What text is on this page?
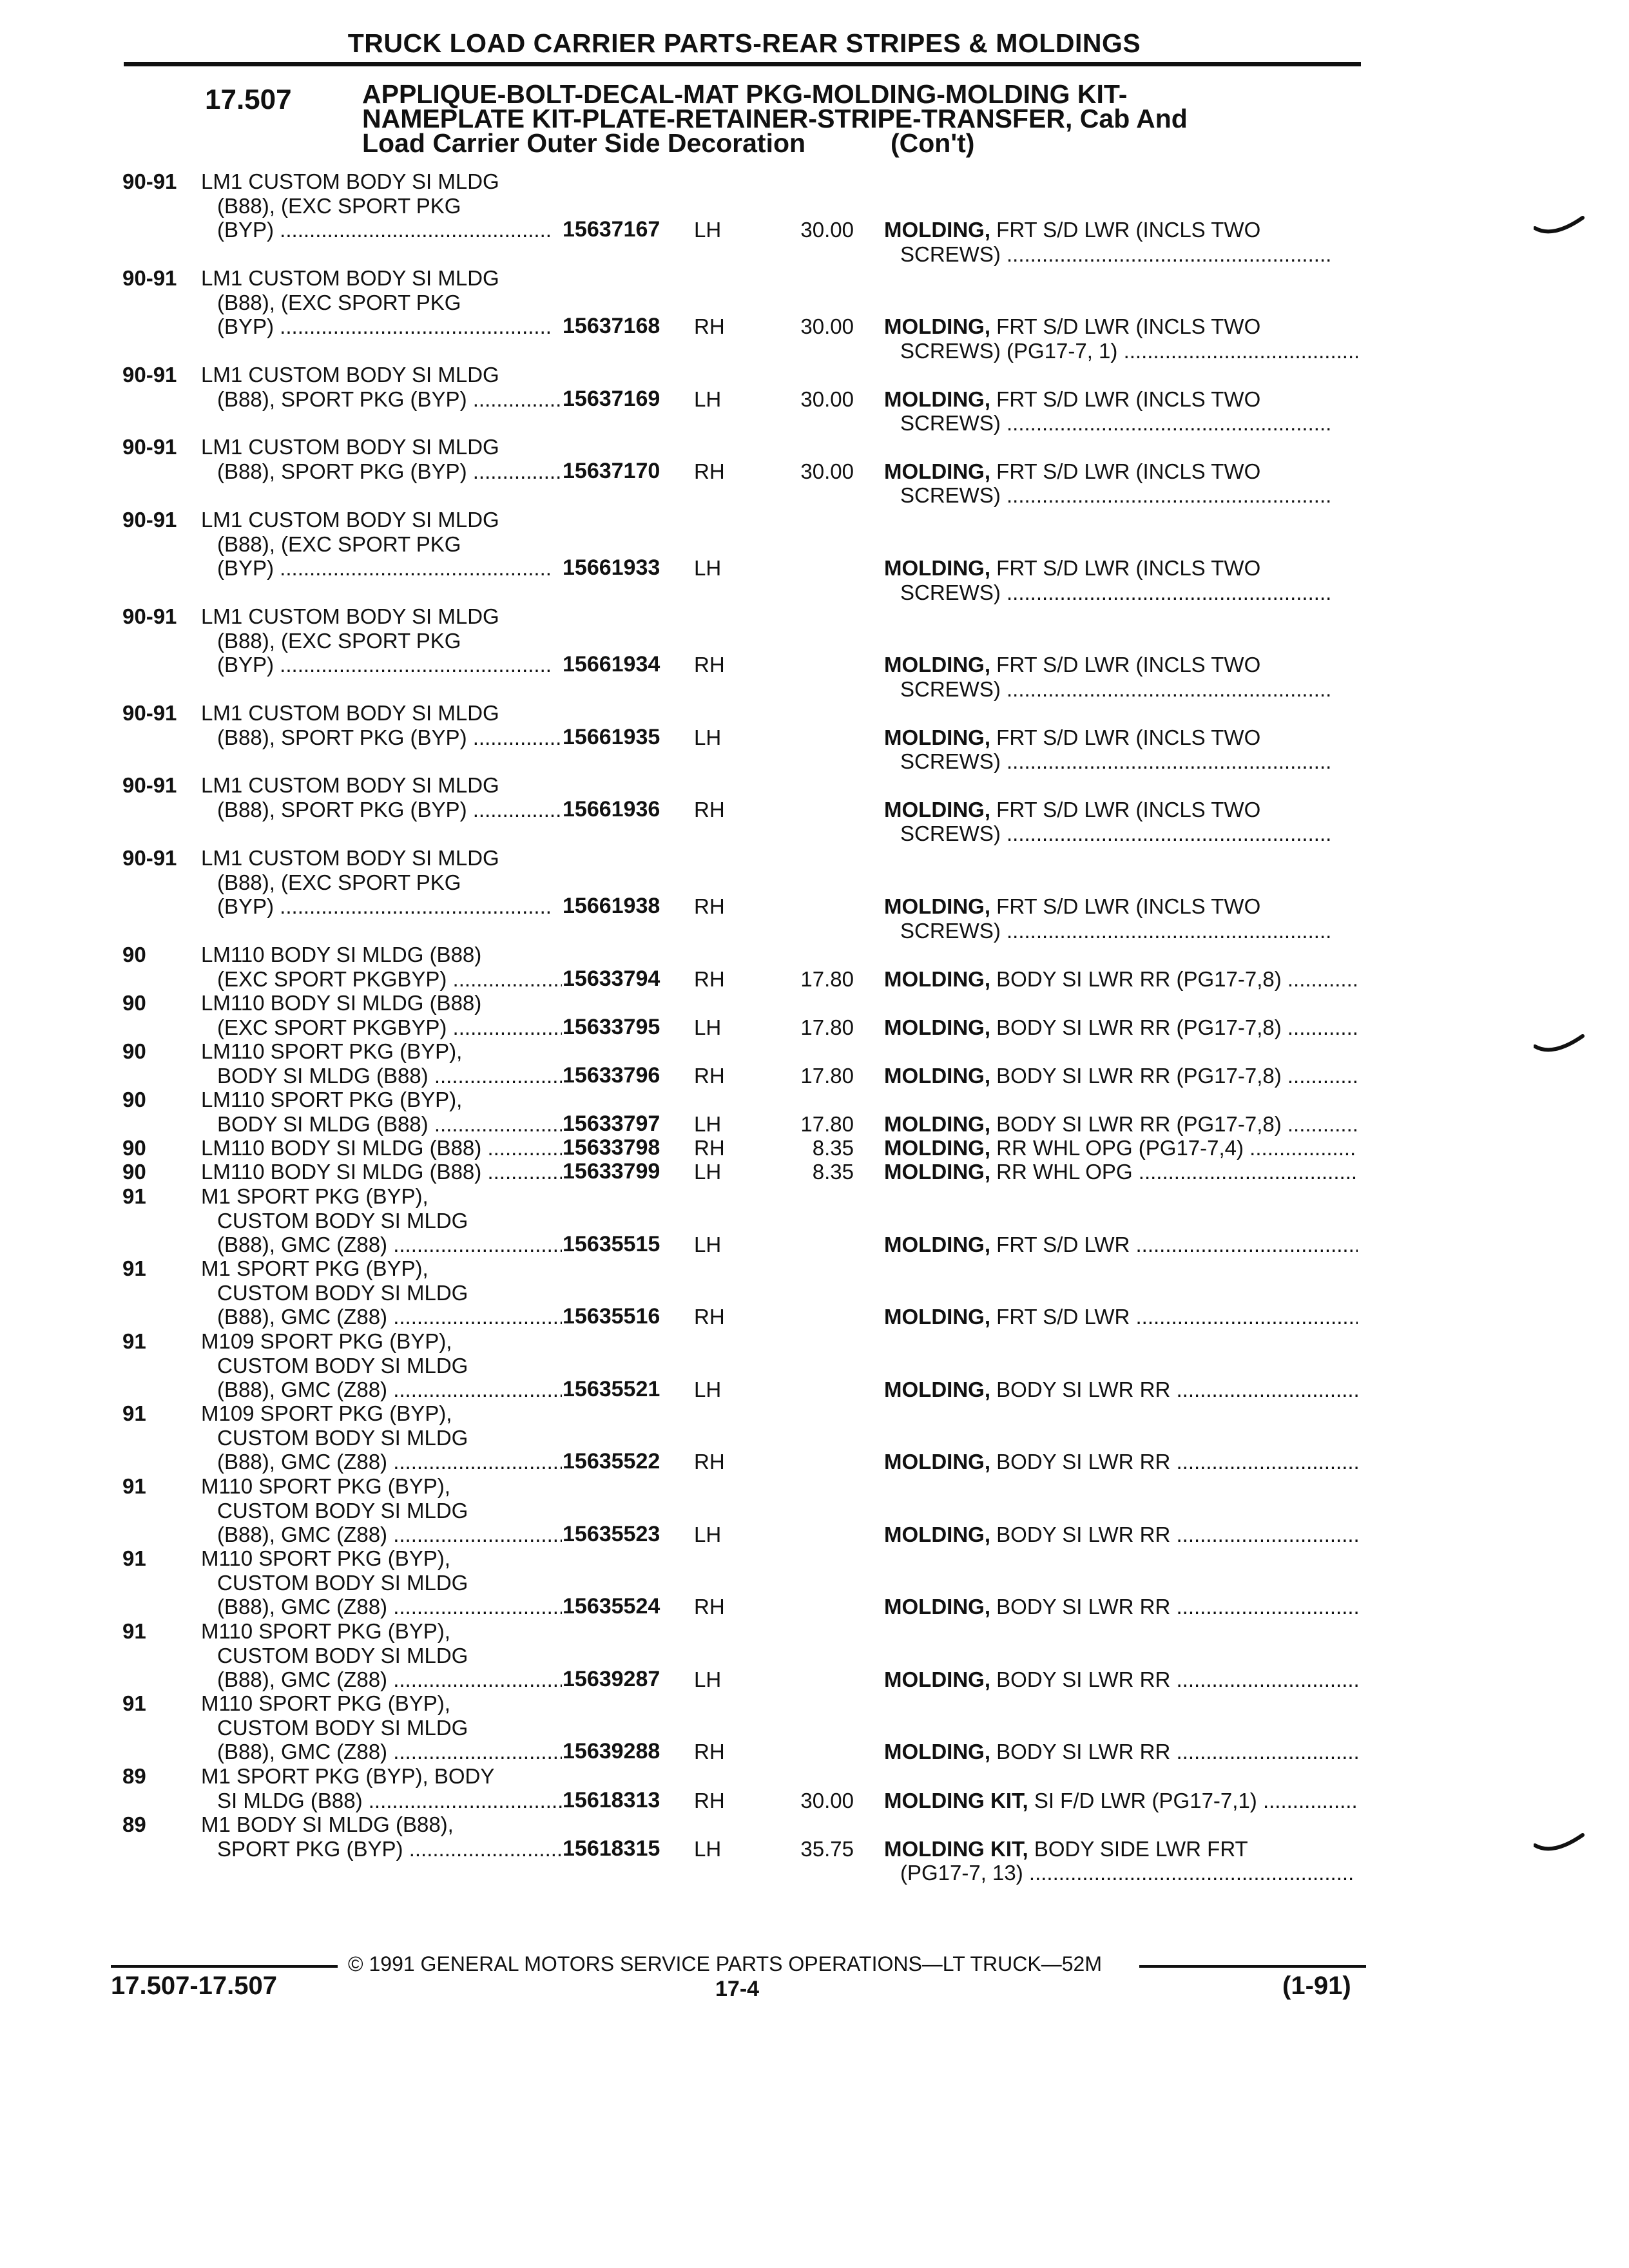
TRUCK LOAD CARRIER PARTS-REAR STRIPES & MOLDINGS
17.507	APPLIQUE-BOLT-DECAL-MAT PKG-MOLDING-MOLDING KIT-
NAMEPLATE KIT-PLATE-RETAINER-STRIPE-TRANSFER, Cab And
Load Carrier Outer Side Decoration	(Con't)
90-91 LM1 CUSTOM BODY SI MLDG
(B88), (EXC SPORT PKG
(BYP) .....	15637167 LH	30.00 MOLDING, FRT S/D LWR (INCLS TWO
SCREWS) .....
90-91 LM1 CUSTOM BODY SI MLDG
(B88), (EXC SPORT PKG
(BYP) .....	15637168 RH	30.00 MOLDING, FRT S/D LWR (INCLS TWO
SCREWS) (PG17-7, 1) .....
90-91 LM1 CUSTOM BODY SI MLDG
(B88), SPORT PKG (BYP) .....	15637169 LH	30.00 MOLDING, FRT S/D LWR (INCLS TWO
SCREWS) .....
90-91 LM1 CUSTOM BODY SI MLDG
(B88), SPORT PKG (BYP) .....	15637170 RH	30.00 MOLDING, FRT S/D LWR (INCLS TWO
SCREWS) .....
90-91 LM1 CUSTOM BODY SI MLDG
(B88), (EXC SPORT PKG
(BYP) .....	15661933 LH	MOLDING, FRT S/D LWR (INCLS TWO
SCREWS) .....
90-91 LM1 CUSTOM BODY SI MLDG
(B88), (EXC SPORT PKG
(BYP) .....	15661934 RH	MOLDING, FRT S/D LWR (INCLS TWO
SCREWS) .....
90-91 LM1 CUSTOM BODY SI MLDG
(B88), SPORT PKG (BYP) .....	15661935 LH	MOLDING, FRT S/D LWR (INCLS TWO
SCREWS) .....
90-91 LM1 CUSTOM BODY SI MLDG
(B88), SPORT PKG (BYP) .....	15661936 RH	MOLDING, FRT S/D LWR (INCLS TWO
SCREWS) .....
90-91 LM1 CUSTOM BODY SI MLDG
(B88), (EXC SPORT PKG
(BYP) .....	15661938 RH	MOLDING, FRT S/D LWR (INCLS TWO
SCREWS) .....
90	LM110 BODY SI MLDG (B88)
(EXC SPORT PKGBYP) .....	15633794 RH	17.80 MOLDING, BODY SI LWR RR (PG17-7,8) .....
90	LM110 BODY SI MLDG (B88)
(EXC SPORT PKGBYP) .....	15633795 LH	17.80 MOLDING, BODY SI LWR RR (PG17-7,8) .....
90	LM110 SPORT PKG (BYP),
BODY SI MLDG (B88) .....	15633796 RH	17.80 MOLDING, BODY SI LWR RR (PG17-7,8) .....
90	LM110 SPORT PKG (BYP),
BODY SI MLDG (B88) .....	15633797 LH	17.80 MOLDING, BODY SI LWR RR (PG17-7,8) .....
90	LM110 BODY SI MLDG (B88) .....	15633798 RH	8.35 MOLDING, RR WHL OPG (PG17-7,4) .....
90	LM110 BODY SI MLDG (B88) .....	15633799 LH	8.35 MOLDING, RR WHL OPG .....
91	M1 SPORT PKG (BYP),
CUSTOM BODY SI MLDG
(B88), GMC (Z88) .....	15635515 LH	MOLDING, FRT S/D LWR .....
91	M1 SPORT PKG (BYP),
CUSTOM BODY SI MLDG
(B88), GMC (Z88) .....	15635516 RH	MOLDING, FRT S/D LWR .....
91	M109 SPORT PKG (BYP),
CUSTOM BODY SI MLDG
(B88), GMC (Z88) .....	15635521 LH	MOLDING, BODY SI LWR RR .....
91	M109 SPORT PKG (BYP),
CUSTOM BODY SI MLDG
(B88), GMC (Z88) .....	15635522 RH	MOLDING, BODY SI LWR RR .....
91	M110 SPORT PKG (BYP),
CUSTOM BODY SI MLDG
(B88), GMC (Z88) .....	15635523 LH	MOLDING, BODY SI LWR RR .....
91	M110 SPORT PKG (BYP),
CUSTOM BODY SI MLDG
(B88), GMC (Z88) .....	15635524 RH	MOLDING, BODY SI LWR RR .....
91	M110 SPORT PKG (BYP),
CUSTOM BODY SI MLDG
(B88), GMC (Z88) .....	15639287 LH	MOLDING, BODY SI LWR RR .....
91	M110 SPORT PKG (BYP),
CUSTOM BODY SI MLDG
(B88), GMC (Z88) .....	15639288 RH	MOLDING, BODY SI LWR RR .....
89	M1 SPORT PKG (BYP), BODY
SI MLDG (B88) .....	15618313 RH	30.00 MOLDING KIT, SI F/D LWR (PG17-7,1) .....
89	M1 BODY SI MLDG (B88),
SPORT PKG (BYP) .....	15618315 LH	35.75 MOLDING KIT, BODY SIDE LWR FRT
(PG17-7, 13) .....
© 1991 GENERAL MOTORS SERVICE PARTS OPERATIONS—LT TRUCK—52M
17.507-17.507	17-4	(1-91)
